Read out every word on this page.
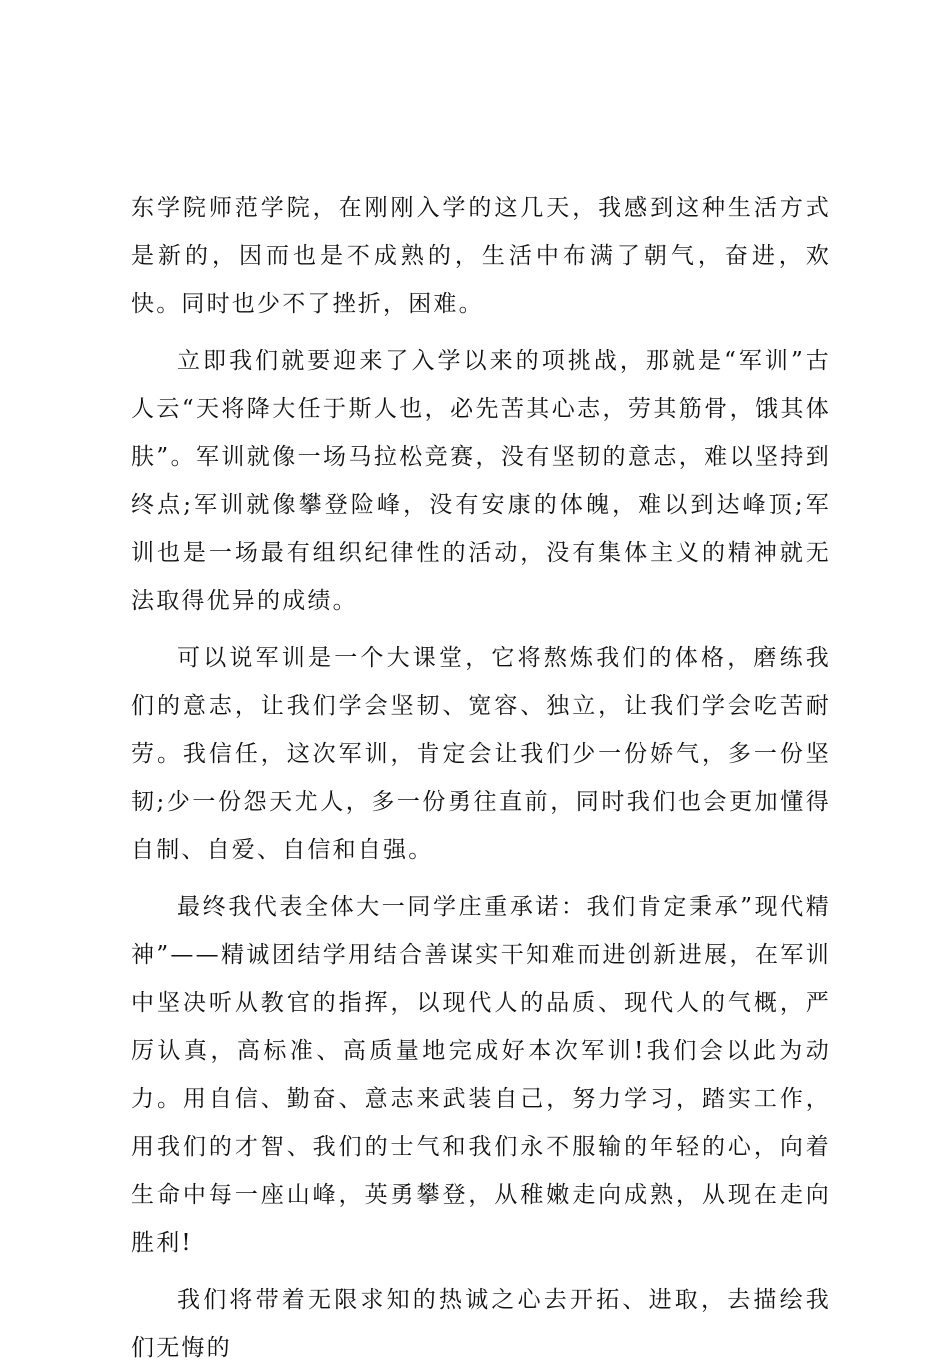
东学院师范学院，在刚刚入学的这几天，我感到这种生活方式是新的，因而也是不成熟的，生活中布满了朝气，奋进，欢快。同时也少不了挫折，困难。

立即我们就要迎来了入学以来的项挑战，那就是“军训”古人云“天将降大任于斯人也，必先苦其心志，劳其筋骨，饿其体肤”。军训就像一场马拉松竞赛，没有坚韧的意志，难以坚持到终点;军训就像攀登险峰，没有安康的体魄，难以到达峰顶;军训也是一场最有组织纪律性的活动，没有集体主义的精神就无法取得优异的成绩。

可以说军训是一个大课堂，它将熬炼我们的体格，磨练我们的意志，让我们学会坚韧、宽容、独立，让我们学会吃苦耐劳。我信任，这次军训，肯定会让我们少一份娇气，多一份坚韧;少一份怨天尤人，多一份勇往直前，同时我们也会更加懂得自制、自爱、自信和自强。

最终我代表全体大一同学庄重承诺：我们肯定秉承”现代精神”——精诚团结学用结合善谋实干知难而进创新进展，在军训中坚决听从教官的指挥，以现代人的品质、现代人的气概，严厉认真，高标准、高质量地完成好本次军训!我们会以此为动力。用自信、勤奋、意志来武装自己，努力学习，踏实工作，用我们的才智、我们的士气和我们永不服输的年轻的心，向着生命中每一座山峰，英勇攀登，从稚嫩走向成熟，从现在走向胜利!

我们将带着无限求知的热诚之心去开拓、进取，去描绘我们无悔的
